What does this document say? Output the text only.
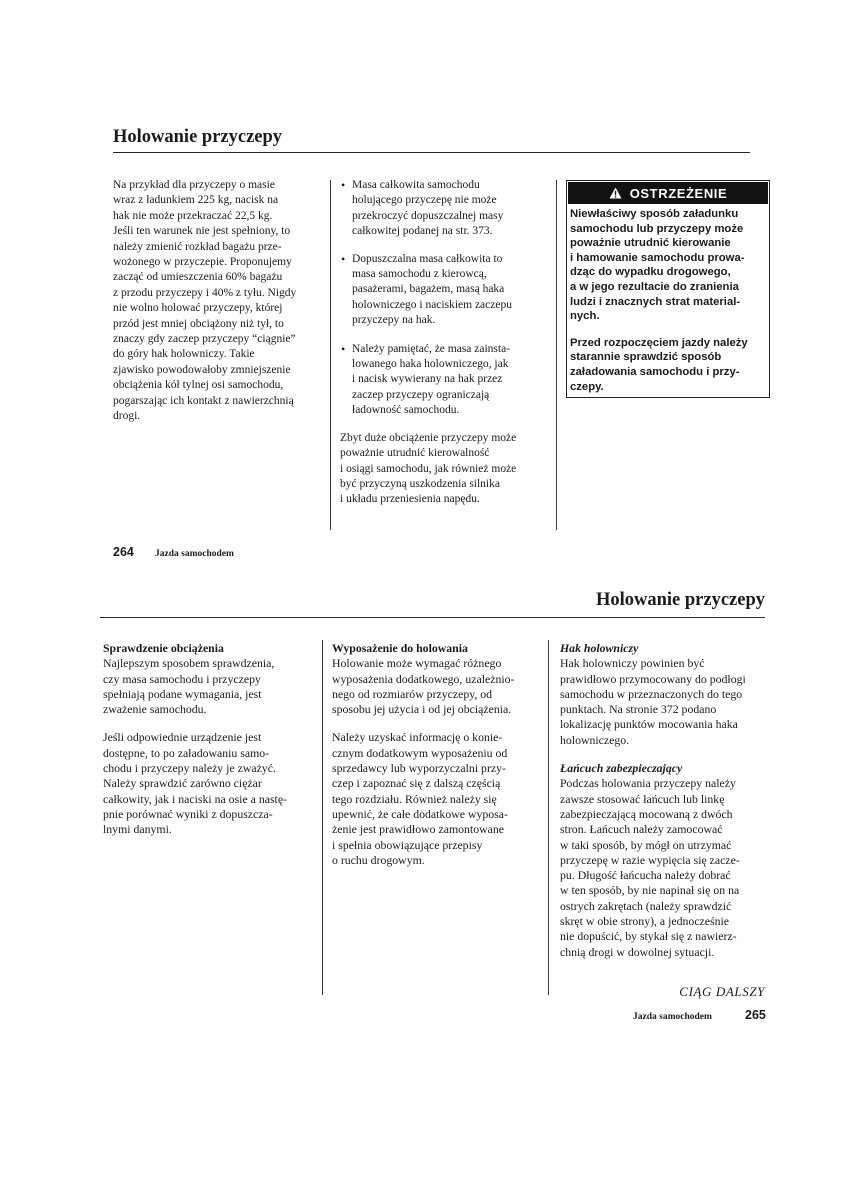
Holowanie przyczepy
Na przykład dla przyczepy o masie
wraz z ładunkiem 225 kg, nacisk na
hak nie może przekraczać 22,5 kg.
Jeśli ten warunek nie jest spełniony, to
należy zmienić rozkład bagażu prze-
wożonego w przyczepie. Proponujemy
zacząć od umieszczenia 60% bagażu
z przodu przyczepy i 40% z tyłu. Nigdy
nie wolno holować przyczepy, której
przód jest mniej obciążony niż tył, to
znaczy gdy zaczep przyczepy “ciągnie”
do góry hak holowniczy. Takie
zjawisko powodowałoby zmniejszenie
obciążenia kół tylnej osi samochodu,
pogarszając ich kontakt z nawierzchnią
drogi.
• Masa całkowita samochodu
holującego przyczepę nie może
przekroczyć dopuszczalnej masy
całkowitej podanej na str. 373.
• Dopuszczalna masa całkowita to
masa samochodu z kierowcą,
pasażerami, bagażem, masą haka
holowniczego i naciskiem zaczepu
przyczepy na hak.
• Należy pamiętać, że masa zainsta-
lowanego haka holowniczego, jak
i nacisk wywierany na hak przez
zaczep przyczepy ograniczają
ładowność samochodu.
Zbyt duże obciążenie przyczepy może
poważnie utrudnić kierowalność
i osiągi samochodu, jak również może
być przyczyną uszkodzenia silnika
i układu przeniesienia napędu.
OSTRZEŻENIE
Niewłaściwy sposób załadunku
samochodu lub przyczepy może
poważnie utrudnić kierowanie
i hamowanie samochodu prowa-
dząc do wypadku drogowego,
a w jego rezultacie do zranienia
ludzi i znacznych strat material-
nych.
Przed rozpoczęciem jazdy należy
starannie sprawdzić sposób
załadowania samochodu i przy-
czepy.
264 Jazda samochodem
Holowanie przyczepy
Sprawdzenie obciążenia
Najlepszym sposobem sprawdzenia,
czy masa samochodu i przyczepy
spełniają podane wymagania, jest
zważenie samochodu.
Jeśli odpowiednie urządzenie jest
dostępne, to po załadowaniu samo-
chodu i przyczepy należy je zważyć.
Należy sprawdzić zarówno ciężar
całkowity, jak i naciski na osie a nastę-
pnie porównać wyniki z dopuszcza-
lnymi danymi.
Wyposażenie do holowania
Holowanie może wymagać różnego
wyposażenia dodatkowego, uzależnio-
nego od rozmiarów przyczepy, od
sposobu jej użycia i od jej obciążenia.
Należy uzyskać informację o konie-
cznym dodatkowym wyposażeniu od
sprzedawcy lub wyporzyczalni przy-
czep i zapoznać się z dalszą częścią
tego rozdziału. Również należy się
upewnić, że całe dodatkowe wyposa-
żenie jest prawidłowo zamontowane
i spełnia obowiązujące przepisy
o ruchu drogowym.
Hak holowniczy
Hak holowniczy powinien być
prawidłowo przymocowany do podłogi
samochodu w przeznaczonych do tego
punktach. Na stronie 372 podano
lokalizację punktów mocowania haka
holowniczego.
Łańcuch zabezpieczający
Podczas holowania przyczepy należy
zawsze stosować łańcuch lub linkę
zabezpieczającą mocowaną z dwóch
stron. Łańcuch należy zamocować
w taki sposób, by mógł on utrzymać
przyczepę w razie wypięcia się zacze-
pu. Długość łańcucha należy dobrać
w ten sposób, by nie napinał się on na
ostrych zakrętach (należy sprawdzić
skręt w obie strony), a jednocześnie
nie dopuścić, by stykał się z nawierz-
chnią drogi w dowolnej sytuacji.
CIĄG DALSZY
Jazda samochodem	265
